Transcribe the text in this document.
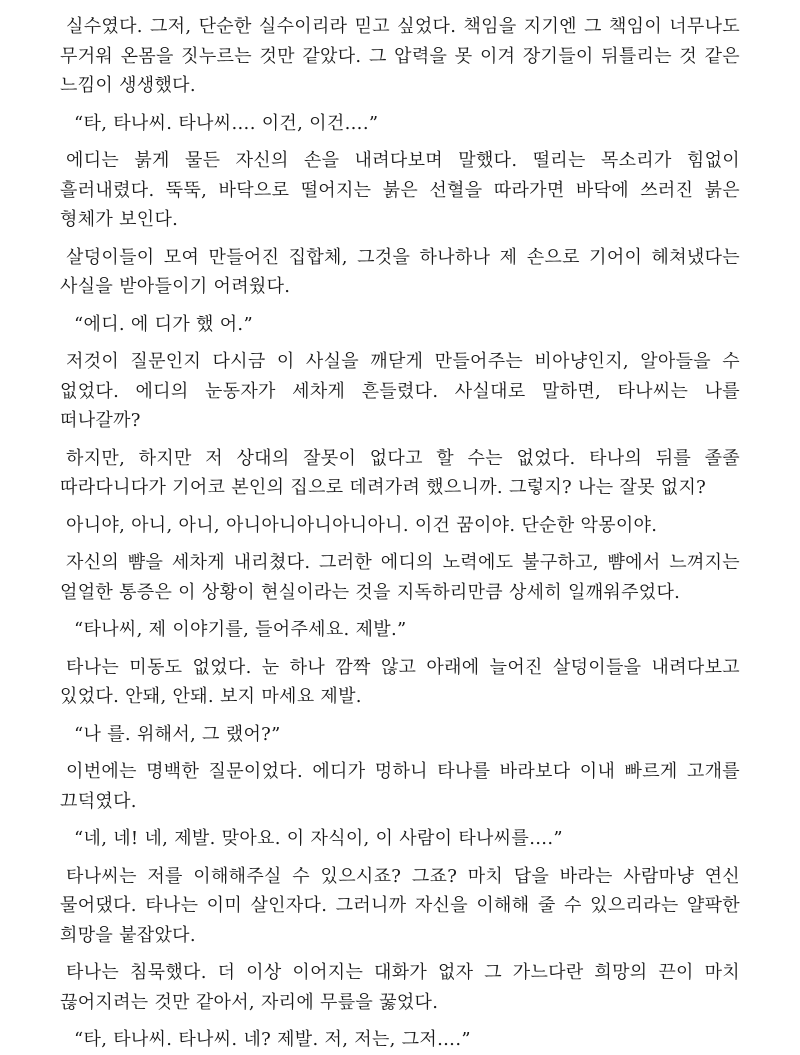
실수였다. 그저, 단순한 실수이리라 믿고 싶었다. 책임을 지기엔 그 책임이 너무나도 무거워 온몸을 짓누르는 것만 같았다. 그 압력을 못 이겨 장기들이 뒤틀리는 것 같은 느낌이 생생했다.

“타, 타나씨. 타나씨…. 이건, 이건….”

에디는 붉게 물든 자신의 손을 내려다보며 말했다. 떨리는 목소리가 힘없이 흘러내렸다. 뚝뚝, 바닥으로 떨어지는 붉은 선혈을 따라가면 바닥에 쓰러진 붉은 형체가 보인다.

살덩이들이 모여 만들어진 집합체, 그것을 하나하나 제 손으로 기어이 헤쳐냈다는 사실을 받아들이기 어려웠다.

“에디. 에 디가 했 어.”

저것이 질문인지 다시금 이 사실을 깨닫게 만들어주는 비아냥인지, 알아들을 수 없었다. 에디의 눈동자가 세차게 흔들렸다. 사실대로 말하면, 타나씨는 나를 떠나갈까?

하지만, 하지만 저 상대의 잘못이 없다고 할 수는 없었다. 타나의 뒤를 졸졸 따라다니다가 기어코 본인의 집으로 데려가려 했으니까. 그렇지? 나는 잘못 없지?

아니야, 아니, 아니, 아니아니아니아니아니. 이건 꿈이야. 단순한 악몽이야.

자신의 뺨을 세차게 내리쳤다. 그러한 에디의 노력에도 불구하고, 뺨에서 느껴지는 얼얼한 통증은 이 상황이 현실이라는 것을 지독하리만큼 상세히 일깨워주었다.

“타나씨, 제 이야기를, 들어주세요. 제발.”

타나는 미동도 없었다. 눈 하나 깜짝 않고 아래에 늘어진 살덩이들을 내려다보고 있었다. 안돼, 안돼. 보지 마세요 제발.

“나 를. 위해서, 그 랬어?”

이번에는 명백한 질문이었다. 에디가 멍하니 타나를 바라보다 이내 빠르게 고개를 끄덕였다.

“네, 네! 네, 제발. 맞아요. 이 자식이, 이 사람이 타나씨를….”

타나씨는 저를 이해해주실 수 있으시죠? 그죠? 마치 답을 바라는 사람마냥 연신 물어댔다. 타나는 이미 살인자다. 그러니까 자신을 이해해 줄 수 있으리라는 얄팍한 희망을 붙잡았다.

타나는 침묵했다. 더 이상 이어지는 대화가 없자 그 가느다란 희망의 끈이 마치 끊어지려는 것만 같아서, 자리에 무릎을 꿇었다.

“타, 타나씨. 타나씨. 네? 제발. 저, 저는, 그저….”
